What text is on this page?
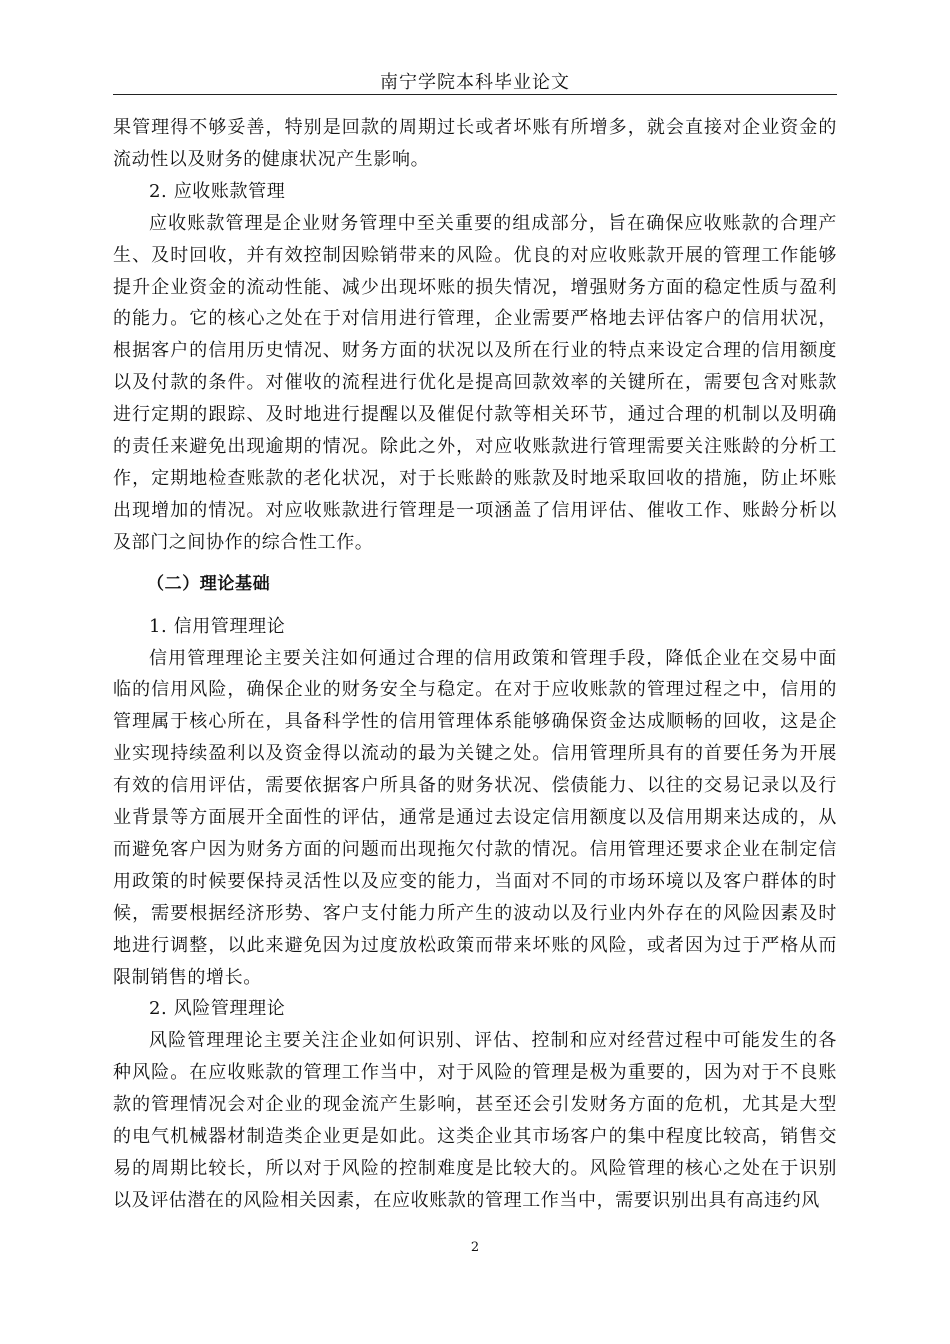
南宁学院本科毕业论文

果管理得不够妥善，特别是回款的周期过长或者坏账有所增多，就会直接对企业资金的流动性以及财务的健康状况产生影响。

2. 应收账款管理

应收账款管理是企业财务管理中至关重要的组成部分，旨在确保应收账款的合理产生、及时回收，并有效控制因赊销带来的风险。优良的对应收账款开展的管理工作能够提升企业资金的流动性能、减少出现坏账的损失情况，增强财务方面的稳定性质与盈利的能力。它的核心之处在于对信用进行管理，企业需要严格地去评估客户的信用状况，根据客户的信用历史情况、财务方面的状况以及所在行业的特点来设定合理的信用额度以及付款的条件。对催收的流程进行优化是提高回款效率的关键所在，需要包含对账款进行定期的跟踪、及时地进行提醒以及催促付款等相关环节，通过合理的机制以及明确的责任来避免出现逾期的情况。除此之外，对应收账款进行管理需要关注账龄的分析工作，定期地检查账款的老化状况，对于长账龄的账款及时地采取回收的措施，防止坏账出现增加的情况。对应收账款进行管理是一项涵盖了信用评估、催收工作、账龄分析以及部门之间协作的综合性工作。

（二）理论基础

1. 信用管理理论

信用管理理论主要关注如何通过合理的信用政策和管理手段，降低企业在交易中面临的信用风险，确保企业的财务安全与稳定。在对于应收账款的管理过程之中，信用的管理属于核心所在，具备科学性的信用管理体系能够确保资金达成顺畅的回收，这是企业实现持续盈利以及资金得以流动的最为关键之处。信用管理所具有的首要任务为开展有效的信用评估，需要依据客户所具备的财务状况、偿债能力、以往的交易记录以及行业背景等方面展开全面性的评估，通常是通过去设定信用额度以及信用期来达成的，从而避免客户因为财务方面的问题而出现拖欠付款的情况。信用管理还要求企业在制定信用政策的时候要保持灵活性以及应变的能力，当面对不同的市场环境以及客户群体的时候，需要根据经济形势、客户支付能力所产生的波动以及行业内外存在的风险因素及时地进行调整，以此来避免因为过度放松政策而带来坏账的风险，或者因为过于严格从而限制销售的增长。

2. 风险管理理论

风险管理理论主要关注企业如何识别、评估、控制和应对经营过程中可能发生的各种风险。在应收账款的管理工作当中，对于风险的管理是极为重要的，因为对于不良账款的管理情况会对企业的现金流产生影响，甚至还会引发财务方面的危机，尤其是大型的电气机械器材制造类企业更是如此。这类企业其市场客户的集中程度比较高，销售交易的周期比较长，所以对于风险的控制难度是比较大的。风险管理的核心之处在于识别以及评估潜在的风险相关因素，在应收账款的管理工作当中，需要识别出具有高违约风

2
